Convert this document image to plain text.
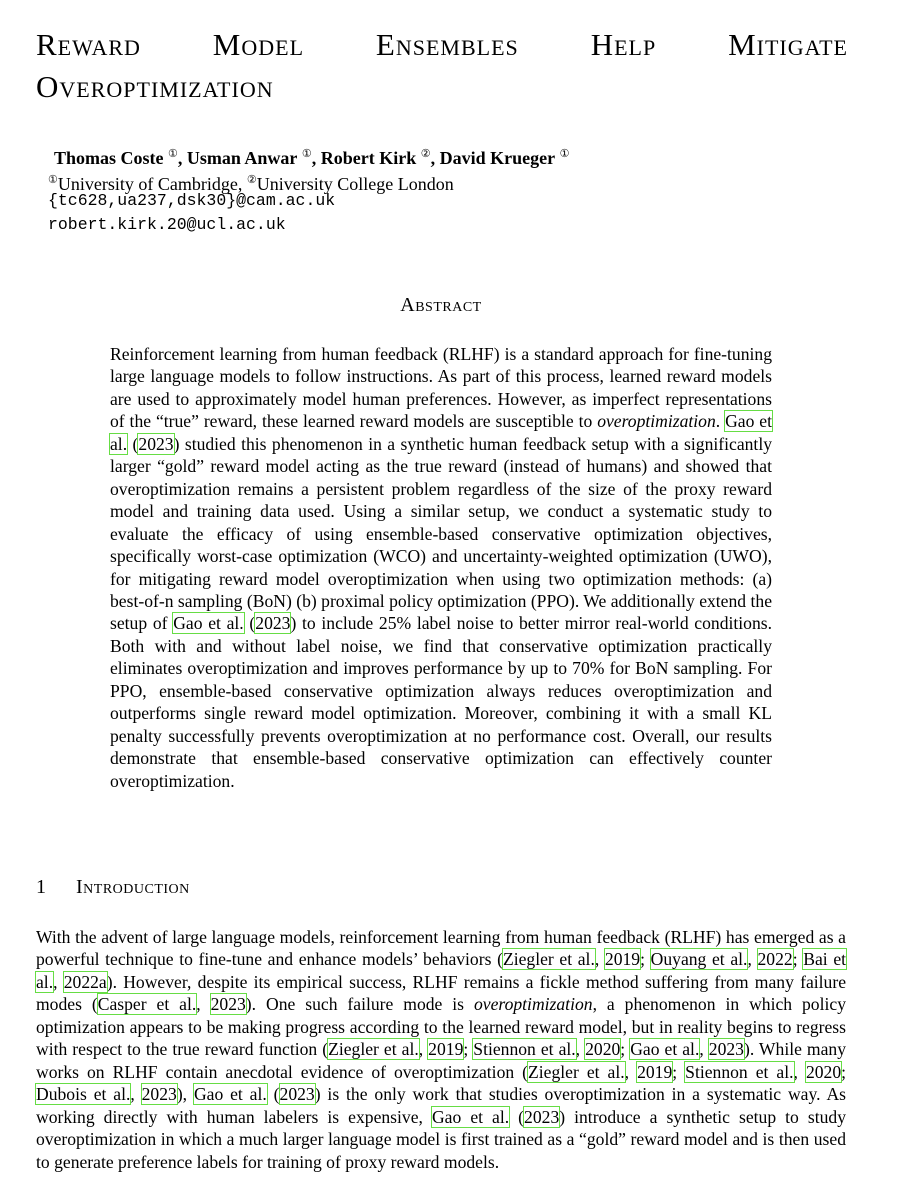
Reward Model Ensembles Help Mitigate
Overoptimization
Thomas Coste ①, Usman Anwar ①, Robert Kirk ②, David Krueger ①
①University of Cambridge, ②University College London
{tc628,ua237,dsk30}@cam.ac.uk
robert.kirk.20@ucl.ac.uk
Abstract

Reinforcement learning from human feedback (RLHF) is a standard approach for fine-tuning large language models to follow instructions. As part of this process, learned reward models are used to approximately model human preferences. However, as imperfect representations of the “true” reward, these learned reward models are susceptible to overoptimization. Gao et al. (2023) studied this phenomenon in a synthetic human feedback setup with a significantly larger “gold” reward model acting as the true reward (instead of humans) and showed that overoptimization remains a persistent problem regardless of the size of the proxy reward model and training data used. Using a similar setup, we conduct a systematic study to evaluate the efficacy of using ensemble-based conservative optimization objectives, specifically worst-case optimization (WCO) and uncertainty-weighted optimization (UWO), for mitigating reward model overoptimization when using two optimization methods: (a) best-of-n sampling (BoN) (b) proximal policy optimization (PPO). We additionally extend the setup of Gao et al. (2023) to include 25% label noise to better mirror real-world conditions. Both with and without label noise, we find that conservative optimization practically eliminates overoptimization and improves performance by up to 70% for BoN sampling. For PPO, ensemble-based conservative optimization always reduces overoptimization and outperforms single reward model optimization. Moreover, combining it with a small KL penalty successfully prevents overoptimization at no performance cost. Overall, our results demonstrate that ensemble-based conservative optimization can effectively counter overoptimization.

1 Introduction

With the advent of large language models, reinforcement learning from human feedback (RLHF) has emerged as a powerful technique to fine-tune and enhance models’ behaviors (Ziegler et al., 2019; Ouyang et al., 2022; Bai et al., 2022a). However, despite its empirical success, RLHF remains a fickle method suffering from many failure modes (Casper et al., 2023). One such failure mode is overoptimization, a phenomenon in which policy optimization appears to be making progress according to the learned reward model, but in reality begins to regress with respect to the true reward function (Ziegler et al., 2019; Stiennon et al., 2020; Gao et al., 2023). While many works on RLHF contain anecdotal evidence of overoptimization (Ziegler et al., 2019; Stiennon et al., 2020; Dubois et al., 2023), Gao et al. (2023) is the only work that studies overoptimization in a systematic way. As working directly with human labelers is expensive, Gao et al. (2023) introduce a synthetic setup to study overoptimization in which a much larger language model is first trained as a “gold” reward model and is then used to generate preference labels for training of proxy reward models.
